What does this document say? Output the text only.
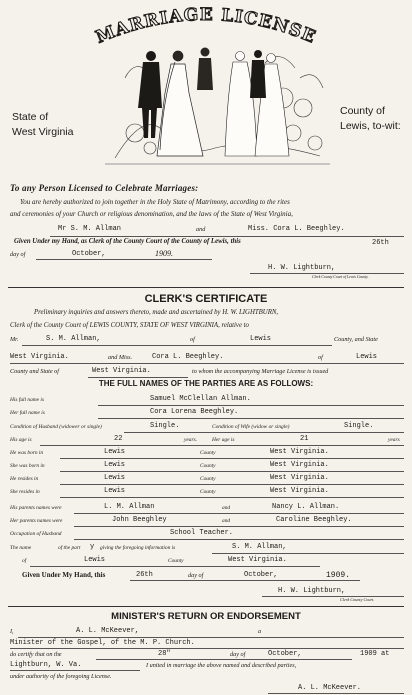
MARRIAGE LICENSE
State of
West Virginia
County of
Lewis, to-wit:
To any Person Licensed to Celebrate Marriages:
You are hereby authorized to join together in the Holy State of Matrimony, according to the rites
and ceremonies of your Church or religious denomination, and the laws of the State of West Virginia,
Mr S. M. Allman	and	Miss. Cora L. Beeghley.
Given Under my Hand, as Clerk of the County Court of the County of Lewis, this	26th
day of	October,	1909.
H. W. Lightburn,
Clerk County Court of Lewis County.
CLERK'S CERTIFICATE
Preliminary inquiries and answers thereto, made and ascertained by H. W. LIGHTBURN,
Clerk of the County Court of LEWIS COUNTY, STATE OF WEST VIRGINIA, relative to
Mr.	S. M. Allman,	of	Lewis	County, and State
West Virginia.	and Miss.	Cora L. Beeghley.	of	Lewis
County and State of	West Virginia.	to whom the accompanying Marriage License is issued
THE FULL NAMES OF THE PARTIES ARE AS FOLLOWS:
His full name is	Samuel McClellan Allman.
Her full name is	Cora Lorena Beeghley.
Condition of Husband (widower or single)	Single.	Condition of Wife (widow or single)	Single.
His age is	22	years.	Her age is	21	years
He was born in	Lewis	County	West Virginia.
She was born in	Lewis	County	West Virginia.
He resides in	Lewis	County	West Virginia.
She resides in	Lewis	County	West Virginia.
His parents names were	L. M. Allman	and	Nancy L. Allman.
Her parents names were	John Beeghley	and	Caroline Beeghley.
Occupation of Husband	School Teacher.
The name	of the part y giving the foregoing information is	S. M. Allman,
of	Lewis	County	West Virginia.
Given Under My Hand, this	26th	day of	October,	1909.
H. W. Lightburn,
Clerk County Court.
MINISTER'S RETURN OR ENDORSEMENT
I,	A. L. McKeever,	a
Minister of the Gospel, of the M. P. Church.
do certify that on the	28"	day of	October,	1909 at
Lightburn, W. Va.	I united in marriage the above named and described parties,
under authority of the foregoing License.
A. L. McKeever.
